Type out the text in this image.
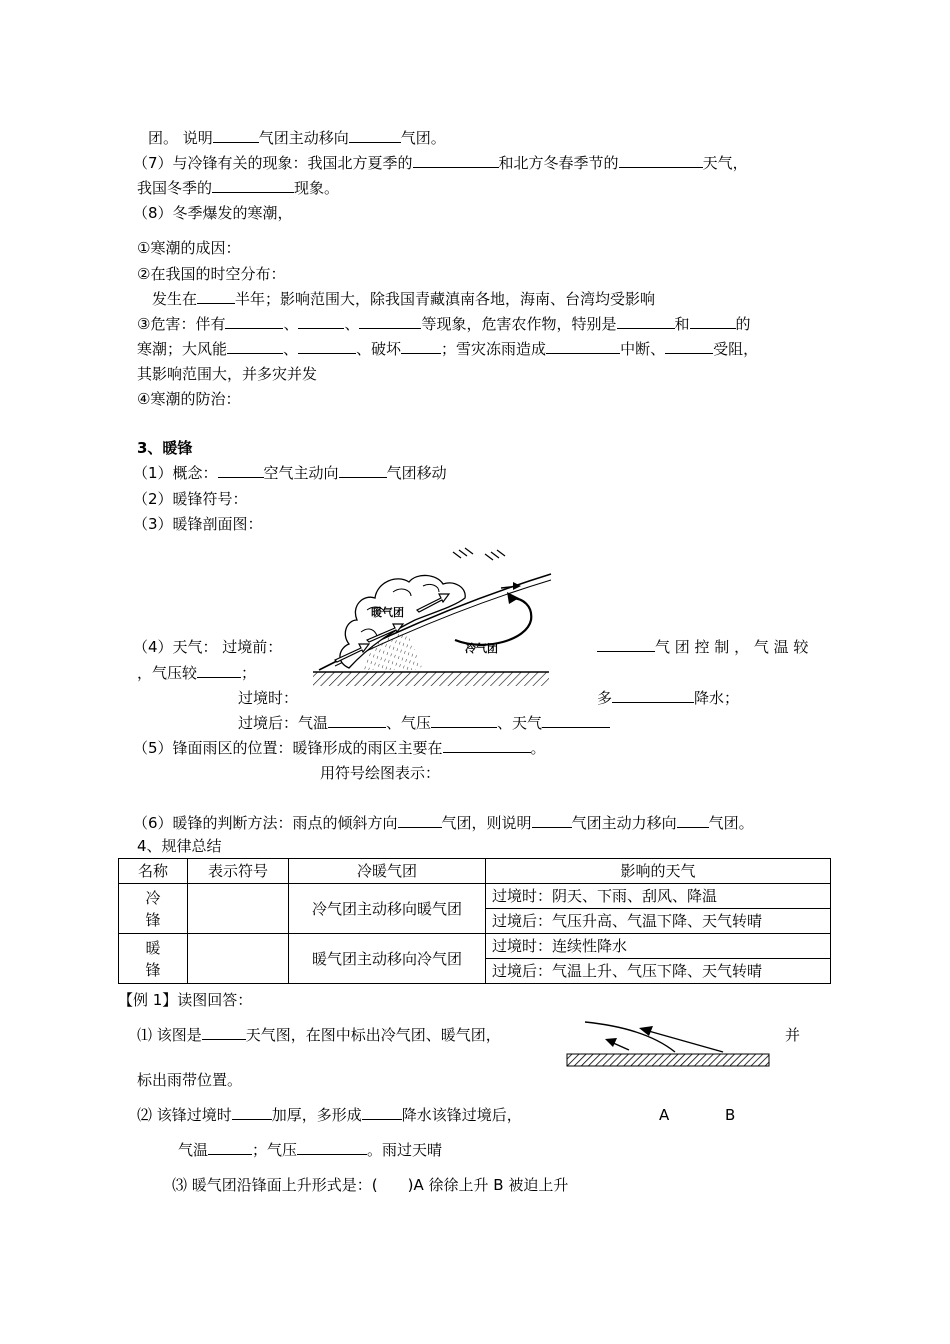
团。 说明	气团主动移向	气团。
（7）与冷锋有关的现象：我国北方夏季的	和北方冬春季节的	天气，
我国冬季的	现象。
（8）冬季爆发的寒潮，
①寒潮的成因：
②在我国的时空分布：
发生在	半年；影响范围大，除我国青藏滇南各地，海南、台湾均受影响
③危害：伴有	、	、	等现象，危害农作物，特别是	和	的
寒潮；大风能	、	、破坏	；雪灾冻雨造成	中断、	受阻，
其影响范围大，并多灾并发
④寒潮的防治：
3、暖锋
（1）概念：	空气主动向	气团移动
（2）暖锋符号：
（3）暖锋剖面图：
暖气团
冷气团
（4）天气： 过境前：	气 团 控 制 ， 气 温 较
，气压较	；
过境时：	多	降水；
过境后：气温	、气压	、天气
（5）锋面雨区的位置：暖锋形成的雨区主要在	。
用符号绘图表示：
（6）暖锋的判断方法：雨点的倾斜方向	气团，则说明	气团主动力移向 气团。
4、规律总结
名称	表示符号	冷暖气团	影响的天气
冷
锋		冷气团主动移向暖气团	过境时：阴天、下雨、刮风、降温
			过境后：气压升高、气温下降、天气转晴
暖
锋		暖气团主动移向冷气团	过境时：连续性降水
			过境后：气温上升、气压下降、天气转晴
【例 1】读图回答：
⑴ 该图是	天气图，在图中标出冷气团、暖气团，	并
标出雨带位置。
⑵ 该锋过境时	加厚，多形成	降水该锋过境后，	A	B
气温	；气压	。雨过天晴
⑶ 暖气团沿锋面上升形式是：(　　)A 徐徐上升 B 被迫上升
